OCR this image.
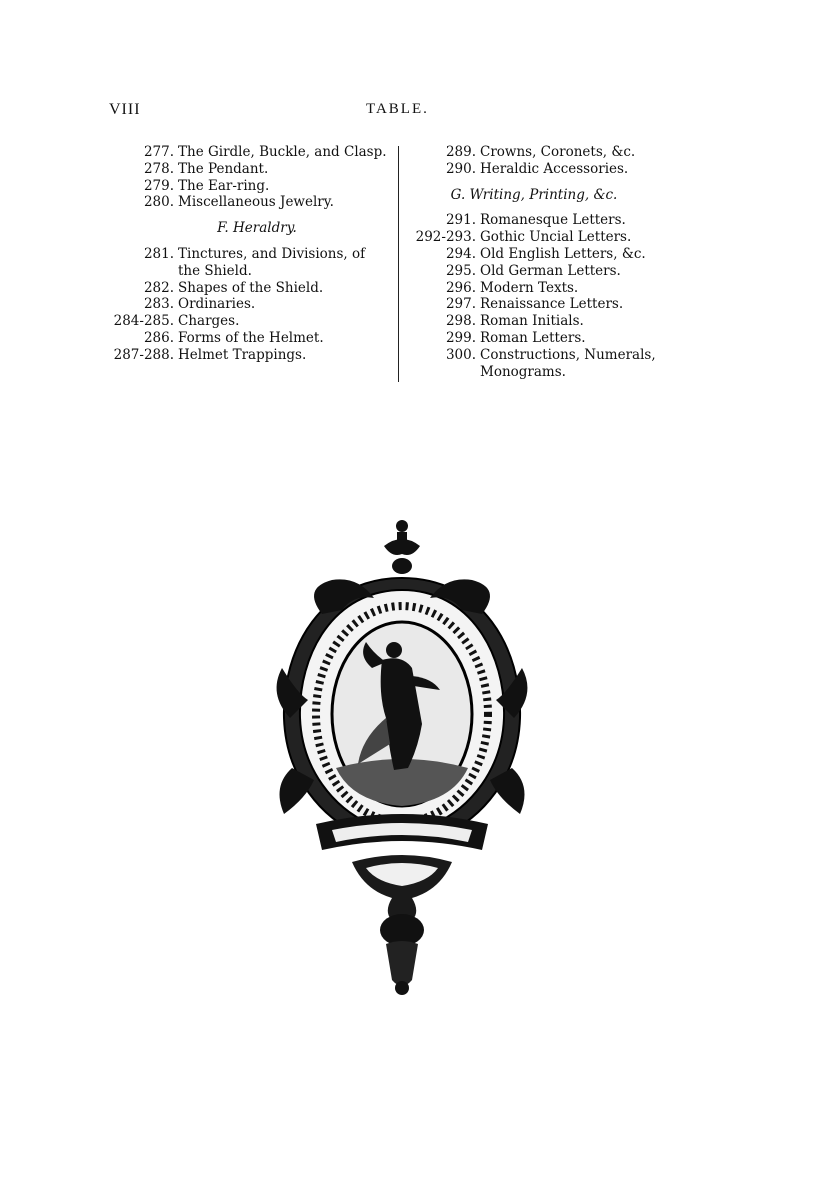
VIII	TABLE.
277. The Girdle, Buckle, and Clasp.
278. The Pendant.
279. The Ear-ring.
280. Miscellaneous Jewelry.
F. Heraldry.
281. Tinctures, and Divisions, of the Shield.
282. Shapes of the Shield.
283. Ordinaries.
284-285. Charges.
286. Forms of the Helmet.
287-288. Helmet Trappings.
289. Crowns, Coronets, &c.
290. Heraldic Accessories.
G. Writing, Printing, &c.
291. Romanesque Letters.
292-293. Gothic Uncial Letters.
294. Old English Letters, &c.
295. Old German Letters.
296. Modern Texts.
297. Renaissance Letters.
298. Roman Initials.
299. Roman Letters.
300. Constructions, Numerals, Monograms.
